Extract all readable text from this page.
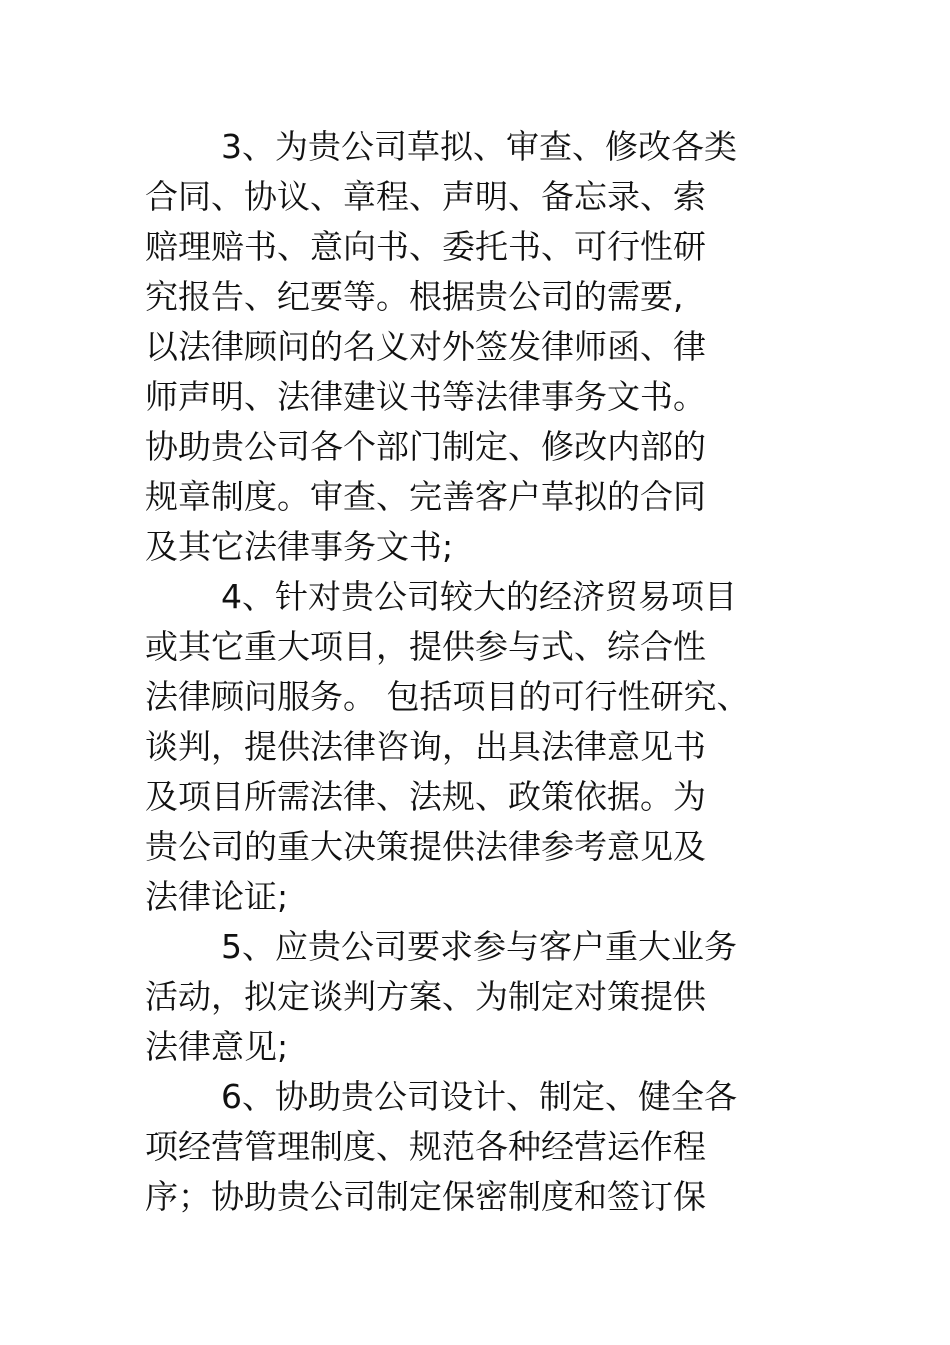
3、为贵公司草拟、审查、修改各类
合同、协议、章程、声明、备忘录、索
赔理赔书、意向书、委托书、可行性研
究报告、纪要等。根据贵公司的需要,
以法律顾问的名义对外签发律师函、律
师声明、法律建议书等法律事务文书。
协助贵公司各个部门制定、修改内部的
规章制度。审查、完善客户草拟的合同
及其它法律事务文书;
4、针对贵公司较大的经济贸易项目
或其它重大项目，提供参与式、综合性
法律顾问服务。 包括项目的可行性研究、
谈判，提供法律咨询，出具法律意见书
及项目所需法律、法规、政策依据。为
贵公司的重大决策提供法律参考意见及
法律论证;
5、应贵公司要求参与客户重大业务
活动，拟定谈判方案、为制定对策提供
法律意见;
6、协助贵公司设计、制定、健全各
项经营管理制度、规范各种经营运作程
序；协助贵公司制定保密制度和签订保
